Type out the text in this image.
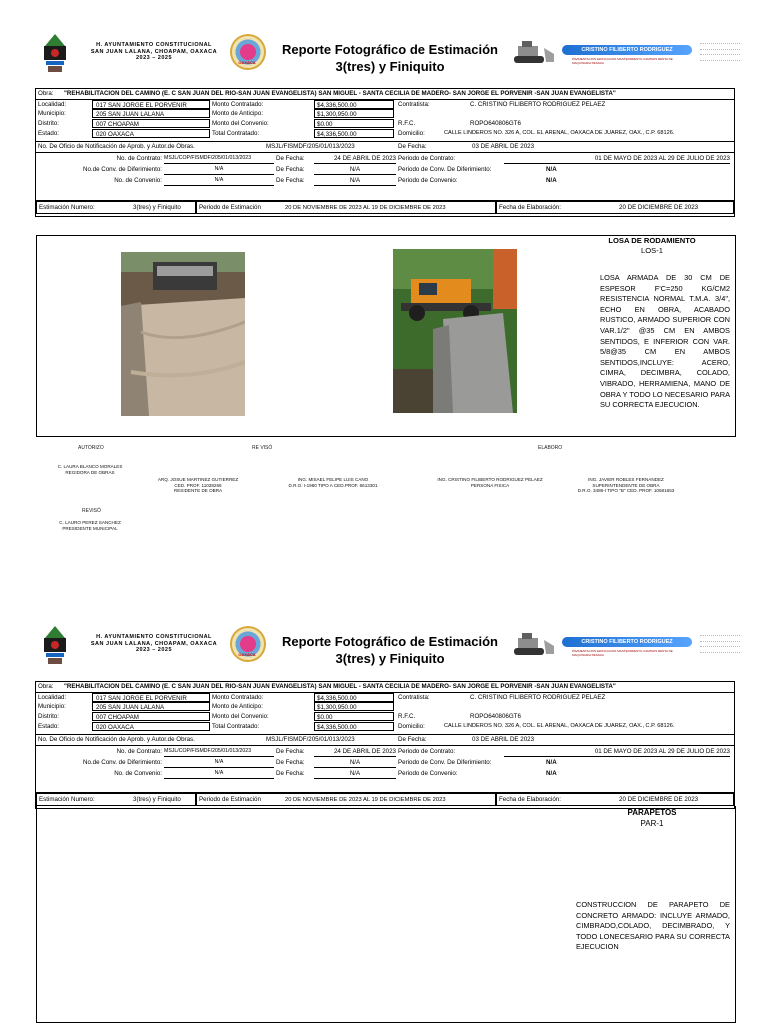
H. AYUNTAMIENTO CONSTITUCIONAL
SAN JUAN LALANA, CHOAPAM, OAXACA
2023 – 2025
OAXACA
Reporte Fotográfico de Estimación
3(tres) y Finiquito
CRISTINO FILIBERTO RODRIGUEZ
PAVIMENTACION EDIFICACION MANTENIMIENTO CAMINOS RENTA DE MAQUINARIA PESADA
Obra: "REHABILITACION DEL CAMINO (E. C SAN JUAN DEL RIO-SAN JUAN EVANGELISTA) SAN MIGUEL - SANTA CECILIA DE MADERO- SAN JORGE EL PORVENIR -SAN JUAN EVANGELISTA"
Localidad:	017 SAN JORGE EL PORVENIR	Monto Contratado:	$4,336,500.00	Contratista:	C. CRISTINO FILIBERTO RODRIGUEZ PELAEZ
Municipio:	205 SAN JUAN LALANA	Monto de Anticipo:	$1,300,950.00
Distrito:	007 CHOAPAM	Monto del Convenio:	$0.00	R.F.C.	ROPO640806GT6
Estado:	020 OAXACA	Total Contratado:	$4,336,500.00	Domicilio:	CALLE LINDEROS NO. 326 A, COL. EL ARENAL, OAXACA DE JUAREZ, OAX., C.P. 68126.
No. De Oficio de Notificación de Aprob. y Autor.de Obras.	MSJL/FISMDF/205/01/013/2023	De Fecha:	03 DE ABRIL DE 2023
No. de Contrato: MSJL/COP/FISMDF/205/01/013/2023	De Fecha:	24 DE ABRIL DE 2023 Periodo de Contrato:	01 DE MAYO DE 2023 AL 29 DE JULIO DE 2023
No.de Conv. de Diferimiento:	N/A	De Fecha:	N/A	Periodo de Conv. De Diferimiento:	N/A
No. de Convenio:	N/A	De Fecha:	N/A	Periodo de Convenio:	N/A
Estimación Numero:	3(tres) y Finiquito	Periodo de Estimación	20 DE NOVIEMBRE DE 2023 AL 19 DE DICIEMBRE DE 2023	Fecha de Elaboración:	20 DE DICIEMBRE DE 2023
LOSA DE RODAMIENTO
LOS-1
LOSA ARMADA DE 30 CM DE ESPESOR F'C=250 KG/CM2 RESISTENCIA NORMAL T.M.A. 3/4", ECHO EN OBRA, ACABADO RUSTICO, ARMADO SUPERIOR CON VAR.1/2" @35 CM EN AMBOS SENTIDOS, E INFERIOR CON VAR. 5/8@35 CM EN AMBOS SENTIDOS,INCLUYE: ACERO, CIMRA, DECIMBRA, COLADO, VIBRADO, HERRAMIENA, MANO DE OBRA Y TODO LO NECESARIO PARA SU CORRECTA EJECUCION.
AUTORIZO	RE VISÓ	ELABORO
C. LAURA BLANCO MORALES
REGIDORA DE OBRAS
ARQ. JOSUE MARTINEZ GUTIERREZ
CED. PROF. 11038266
RESIDENTE DE OBRA
ING. MISAEL FELIPE LUIS CANO
D.R.O. I-1980 TIPO A CED.PROF. 6613301
ING. CRISTINO FILIBERTO RODRIGUEZ PELAEZ
PERSONA FISICA
ING. JAVIER ROBLES FERNANDEZ
SUPERINTENDENTE DE OBRA
D.R.O. 3486-I TIPO "B" CED. PROF. 10581653
REVISÓ
C. LAURO PEREZ SANCHEZ
PRESIDENTE MUNICIPAL
H. AYUNTAMIENTO CONSTITUCIONAL
SAN JUAN LALANA, CHOAPAM, OAXACA
2023 – 2025
OAXACA
Reporte Fotográfico de Estimación
3(tres) y Finiquito
CRISTINO FILIBERTO RODRIGUEZ
PAVIMENTACION EDIFICACION MANTENIMIENTO CAMINOS RENTA DE MAQUINARIA PESADA
Obra: "REHABILITACION DEL CAMINO (E. C SAN JUAN DEL RIO-SAN JUAN EVANGELISTA) SAN MIGUEL - SANTA CECILIA DE MADERO- SAN JORGE EL PORVENIR -SAN JUAN EVANGELISTA"
Localidad:	017 SAN JORGE EL PORVENIR	Monto Contratado:	$4,336,500.00	Contratista:	C. CRISTINO FILIBERTO RODRIGUEZ PELAEZ
Municipio:	205 SAN JUAN LALANA	Monto de Anticipo:	$1,300,950.00
Distrito:	007 CHOAPAM	Monto del Convenio:	$0.00	R.F.C.	ROPO640806GT6
Estado:	020 OAXACA	Total Contratado:	$4,336,500.00	Domicilio:	CALLE LINDEROS NO. 326 A, COL. EL ARENAL, OAXACA DE JUAREZ, OAX., C.P. 68126.
No. De Oficio de Notificación de Aprob. y Autor.de Obras.	MSJL/FISMDF/205/01/013/2023	De Fecha:	03 DE ABRIL DE 2023
No. de Contrato: MSJL/COP/FISMDF/205/01/013/2023	De Fecha:	24 DE ABRIL DE 2023 Periodo de Contrato:	01 DE MAYO DE 2023 AL 29 DE JULIO DE 2023
No.de Conv. de Diferimiento:	N/A	De Fecha:	N/A	Periodo de Conv. De Diferimiento:	N/A
No. de Convenio:	N/A	De Fecha:	N/A	Periodo de Convenio:	N/A
Estimación Numero:	3(tres) y Finiquito	Periodo de Estimación	20 DE NOVIEMBRE DE 2023 AL 19 DE DICIEMBRE DE 2023	Fecha de Elaboración:	20 DE DICIEMBRE DE 2023
PARAPETOS
PAR-1
CONSTRUCCION DE PARAPETO DE CONCRETO ARMADO: INCLUYE ARMADO, CIMBRADO,COLADO, DECIMBRADO, Y TODO LONECESARIO PARA SU CORRECTA EJECUCION
